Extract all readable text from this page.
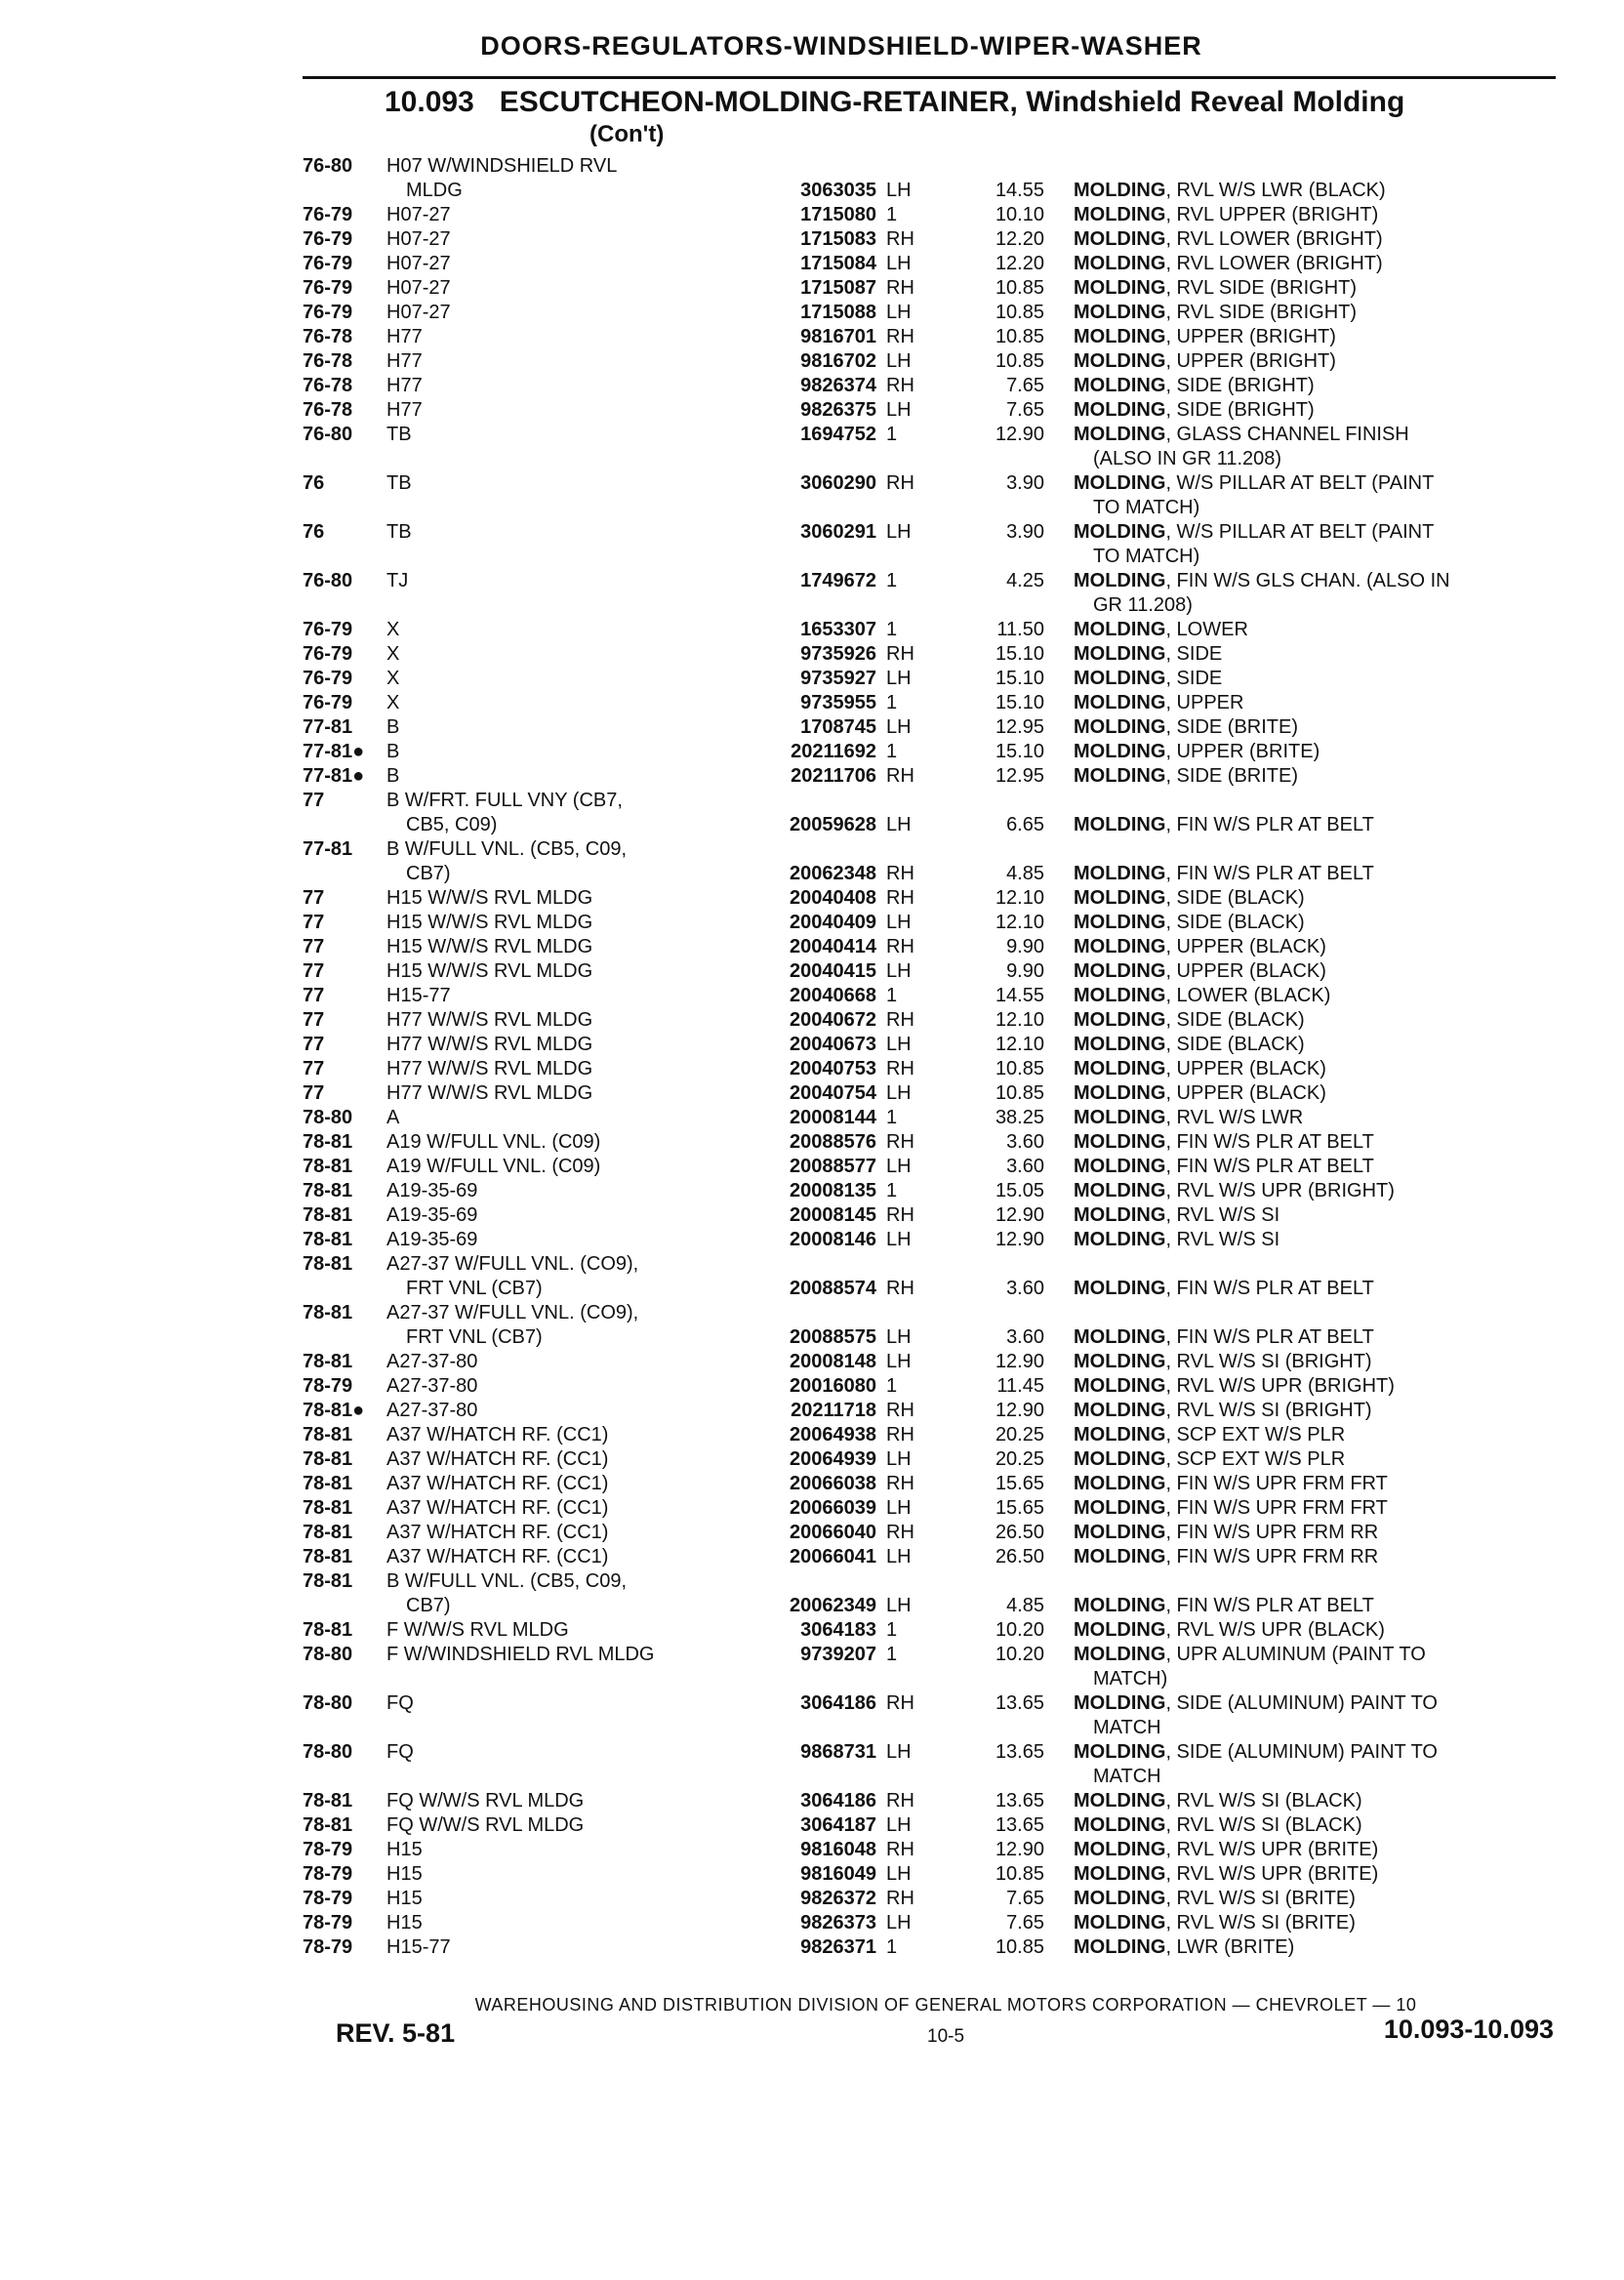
DOORS-REGULATORS-WINDSHIELD-WIPER-WASHER
10.093 ESCUTCHEON-MOLDING-RETAINER, Windshield Reveal Molding
(Con't)
76-80	H07 W/WINDSHIELD RVL
MLDG	3063035 LH	14.55 MOLDING, RVL W/S LWR (BLACK)
76-79	H07-27	1715080 1	10.10 MOLDING, RVL UPPER (BRIGHT)
76-79	H07-27	1715083 RH	12.20 MOLDING, RVL LOWER (BRIGHT)
76-79	H07-27	1715084 LH	12.20 MOLDING, RVL LOWER (BRIGHT)
76-79	H07-27	1715087 RH	10.85 MOLDING, RVL SIDE (BRIGHT)
76-79	H07-27	1715088 LH	10.85 MOLDING, RVL SIDE (BRIGHT)
76-78	H77	9816701 RH	10.85 MOLDING, UPPER (BRIGHT)
76-78	H77	9816702 LH	10.85 MOLDING, UPPER (BRIGHT)
76-78	H77	9826374 RH	7.65 MOLDING, SIDE (BRIGHT)
76-78	H77	9826375 LH	7.65 MOLDING, SIDE (BRIGHT)
76-80	TB	1694752 1	12.90 MOLDING, GLASS CHANNEL FINISH
(ALSO IN GR 11.208)
76	TB	3060290 RH	3.90 MOLDING, W/S PILLAR AT BELT (PAINT
TO MATCH)
76	TB	3060291 LH	3.90 MOLDING, W/S PILLAR AT BELT (PAINT
TO MATCH)
76-80	TJ	1749672 1	4.25 MOLDING, FIN W/S GLS CHAN. (ALSO IN
GR 11.208)
76-79	X	1653307 1	11.50 MOLDING, LOWER
76-79	X	9735926 RH	15.10 MOLDING, SIDE
76-79	X	9735927 LH	15.10 MOLDING, SIDE
76-79	X	9735955 1	15.10 MOLDING, UPPER
77-81	B	1708745 LH	12.95 MOLDING, SIDE (BRITE)
77-81●	B	20211692 1	15.10 MOLDING, UPPER (BRITE)
77-81●	B	20211706 RH	12.95 MOLDING, SIDE (BRITE)
77	B W/FRT. FULL VNY (CB7,
CB5, C09)	20059628 LH	6.65 MOLDING, FIN W/S PLR AT BELT
77-81	B W/FULL VNL. (CB5, C09,
CB7)	20062348 RH	4.85 MOLDING, FIN W/S PLR AT BELT
77	H15 W/W/S RVL MLDG	20040408 RH	12.10 MOLDING, SIDE (BLACK)
77	H15 W/W/S RVL MLDG	20040409 LH	12.10 MOLDING, SIDE (BLACK)
77	H15 W/W/S RVL MLDG	20040414 RH	9.90 MOLDING, UPPER (BLACK)
77	H15 W/W/S RVL MLDG	20040415 LH	9.90 MOLDING, UPPER (BLACK)
77	H15-77	20040668 1	14.55 MOLDING, LOWER (BLACK)
77	H77 W/W/S RVL MLDG	20040672 RH	12.10 MOLDING, SIDE (BLACK)
77	H77 W/W/S RVL MLDG	20040673 LH	12.10 MOLDING, SIDE (BLACK)
77	H77 W/W/S RVL MLDG	20040753 RH	10.85 MOLDING, UPPER (BLACK)
77	H77 W/W/S RVL MLDG	20040754 LH	10.85 MOLDING, UPPER (BLACK)
78-80	A	20008144 1	38.25 MOLDING, RVL W/S LWR
78-81	A19 W/FULL VNL. (C09)	20088576 RH	3.60 MOLDING, FIN W/S PLR AT BELT
78-81	A19 W/FULL VNL. (C09)	20088577 LH	3.60 MOLDING, FIN W/S PLR AT BELT
78-81	A19-35-69	20008135 1	15.05 MOLDING, RVL W/S UPR (BRIGHT)
78-81	A19-35-69	20008145 RH	12.90 MOLDING, RVL W/S SI
78-81	A19-35-69	20008146 LH	12.90 MOLDING, RVL W/S SI
78-81	A27-37 W/FULL VNL. (CO9),
FRT VNL (CB7)	20088574 RH	3.60 MOLDING, FIN W/S PLR AT BELT
78-81	A27-37 W/FULL VNL. (CO9),
FRT VNL (CB7)	20088575 LH	3.60 MOLDING, FIN W/S PLR AT BELT
78-81	A27-37-80	20008148 LH	12.90 MOLDING, RVL W/S SI (BRIGHT)
78-79	A27-37-80	20016080 1	11.45 MOLDING, RVL W/S UPR (BRIGHT)
78-81●	A27-37-80	20211718 RH	12.90 MOLDING, RVL W/S SI (BRIGHT)
78-81	A37 W/HATCH RF. (CC1)	20064938 RH	20.25 MOLDING, SCP EXT W/S PLR
78-81	A37 W/HATCH RF. (CC1)	20064939 LH	20.25 MOLDING, SCP EXT W/S PLR
78-81	A37 W/HATCH RF. (CC1)	20066038 RH	15.65 MOLDING, FIN W/S UPR FRM FRT
78-81	A37 W/HATCH RF. (CC1)	20066039 LH	15.65 MOLDING, FIN W/S UPR FRM FRT
78-81	A37 W/HATCH RF. (CC1)	20066040 RH	26.50 MOLDING, FIN W/S UPR FRM RR
78-81	A37 W/HATCH RF. (CC1)	20066041 LH	26.50 MOLDING, FIN W/S UPR FRM RR
78-81	B W/FULL VNL. (CB5, C09,
CB7)	20062349 LH	4.85 MOLDING, FIN W/S PLR AT BELT
78-81	F W/W/S RVL MLDG	3064183 1	10.20 MOLDING, RVL W/S UPR (BLACK)
78-80	F W/WINDSHIELD RVL MLDG	9739207 1	10.20 MOLDING, UPR ALUMINUM (PAINT TO
MATCH)
78-80	FQ	3064186 RH	13.65 MOLDING, SIDE (ALUMINUM) PAINT TO
MATCH
78-80	FQ	9868731 LH	13.65 MOLDING, SIDE (ALUMINUM) PAINT TO
MATCH
78-81	FQ W/W/S RVL MLDG	3064186 RH	13.65 MOLDING, RVL W/S SI (BLACK)
78-81	FQ W/W/S RVL MLDG	3064187 LH	13.65 MOLDING, RVL W/S SI (BLACK)
78-79	H15	9816048 RH	12.90 MOLDING, RVL W/S UPR (BRITE)
78-79	H15	9816049 LH	10.85 MOLDING, RVL W/S UPR (BRITE)
78-79	H15	9826372 RH	7.65 MOLDING, RVL W/S SI (BRITE)
78-79	H15	9826373 LH	7.65 MOLDING, RVL W/S SI (BRITE)
78-79	H15-77	9826371 1	10.85 MOLDING, LWR (BRITE)
WAREHOUSING AND DISTRIBUTION DIVISION OF GENERAL MOTORS CORPORATION — CHEVROLET — 10
REV. 5-81	10-5	10.093-10.093
